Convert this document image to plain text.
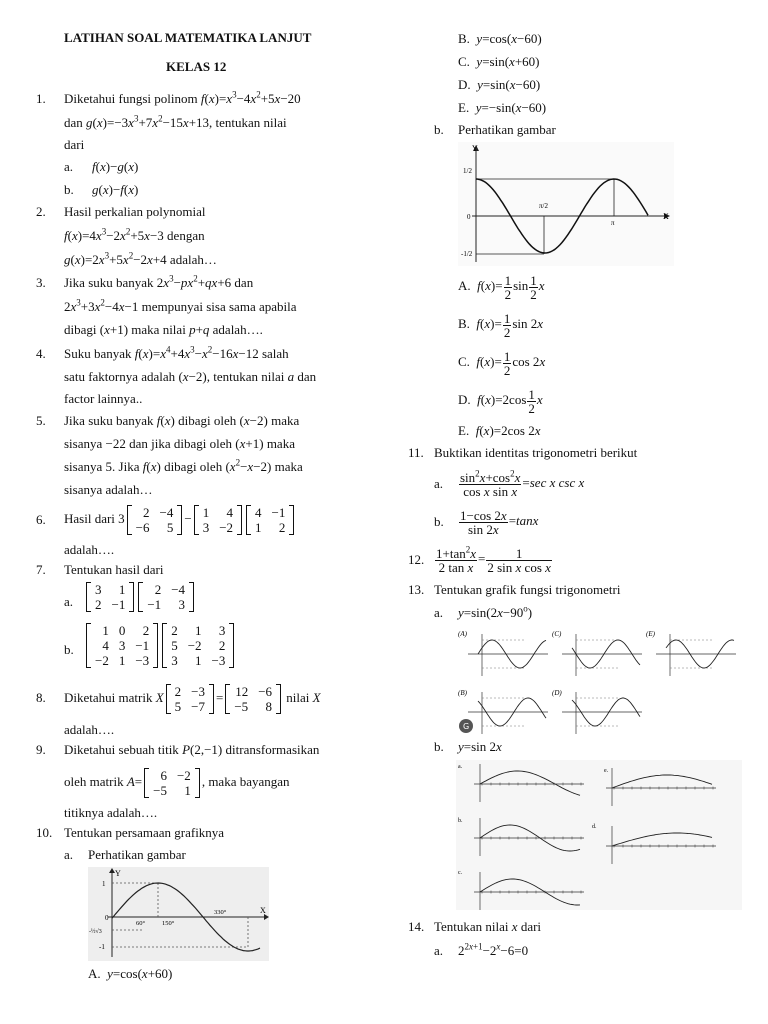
LATIHAN SOAL MATEMATIKA LANJUT
KELAS 12
1. Diketahui fungsi polinom $f(x)=x^3-4x^2+5x-20$
dan $g(x)=-3x^3+7x^2-15x+13$, tentukan nilai
dari
a. f(x)−g(x)
b. g(x)−f(x)
2. Hasil perkalian polynomial
$f(x)=4x^3-2x^2+5x-3$ dengan
$g(x)=2x^3+5x^2-2x+4$ adalah…
3. Jika suku banyak $2x^3-px^2+qx+6$ dan
$2x^3+3x^2-4x-1$ mempunyai sisa sama apabila
dibagi (x+1) maka nilai p+q adalah….
4. Suku banyak $f(x)=x^4+4x^3-x^2-16x-12$ salah
satu faktornya adalah (x−2), tentukan nilai a dan
factor lainnya..
5. Jika suku banyak f(x) dibagi oleh (x−2) maka
sisanya −22 dan jika dibagi oleh (x+1) maka
sisanya 5. Jika f(x) dibagi oleh $(x^2-x-2)$ maka
sisanya adalah…
6. Hasil dari 3 2	−4
−6	5
− 1	4
3	−2
4	−1
1	2
adalah….
7. Tentukan hasil dari
a.
3	1
2	−1
2	−4
−1	3
b.
1	0	2
4	3	−1
−2	1	−3
2	1	3
5	−2	2
3	1	−3
8. Diketahui matrik X 2	−3
5	−7
= 12	−6
−5	8
nilai X
adalah….
9. Diketahui sebuah titik P(2,−1) ditransformasikan
oleh matrik A= 6	−2
−5	1
, maka bayangan
titiknya adalah….
10. Tentukan persamaan grafiknya
a. Perhatikan gambar
1
0
-½√3
-1
60°	150°
330°	X
Y
A. y=cos(x+60)
B. y=cos(x−60)
C. y=sin(x+60)
D. y=sin(x−60)
E. y=−sin(x−60)
b. Perhatikan gambar
1/2
0
-1/2
π/2
π
X
Y
A. $f(x)= \frac{1}{2}$ $\sin \frac{1}{2}$ x
B. $f(x)= \frac{1}{2}$ sin 2x
C. $f(x)= \frac{1}{2}$ cos 2x
D. $f(x)=2\cos \frac{1}{2}$ x
E. f(x)=2cos 2x
11. Buktikan identitas trigonometri berikut
a. $\frac{\sin^2x+\cos^2x}{\text{cos x sin x}} =\sec$ x csc x
b. $\frac{1-\cos 2x}{\sin 2x} =\tan x$
12. $\frac{1+\tan^2x}{\text{2 tan x}} = \frac{1}{\text{2 sin x cos x}}$
13. Tentukan grafik fungsi trigonometri
a. $y=\sin(2x-90^o)$
(A)	(C)	(E)
(B)	(D)
G
b. y=sin 2x
a.
e.
b.
d.
c.
14. Tentukan nilai x dari
a. $2^{2x+1}-2^x-6=0$
